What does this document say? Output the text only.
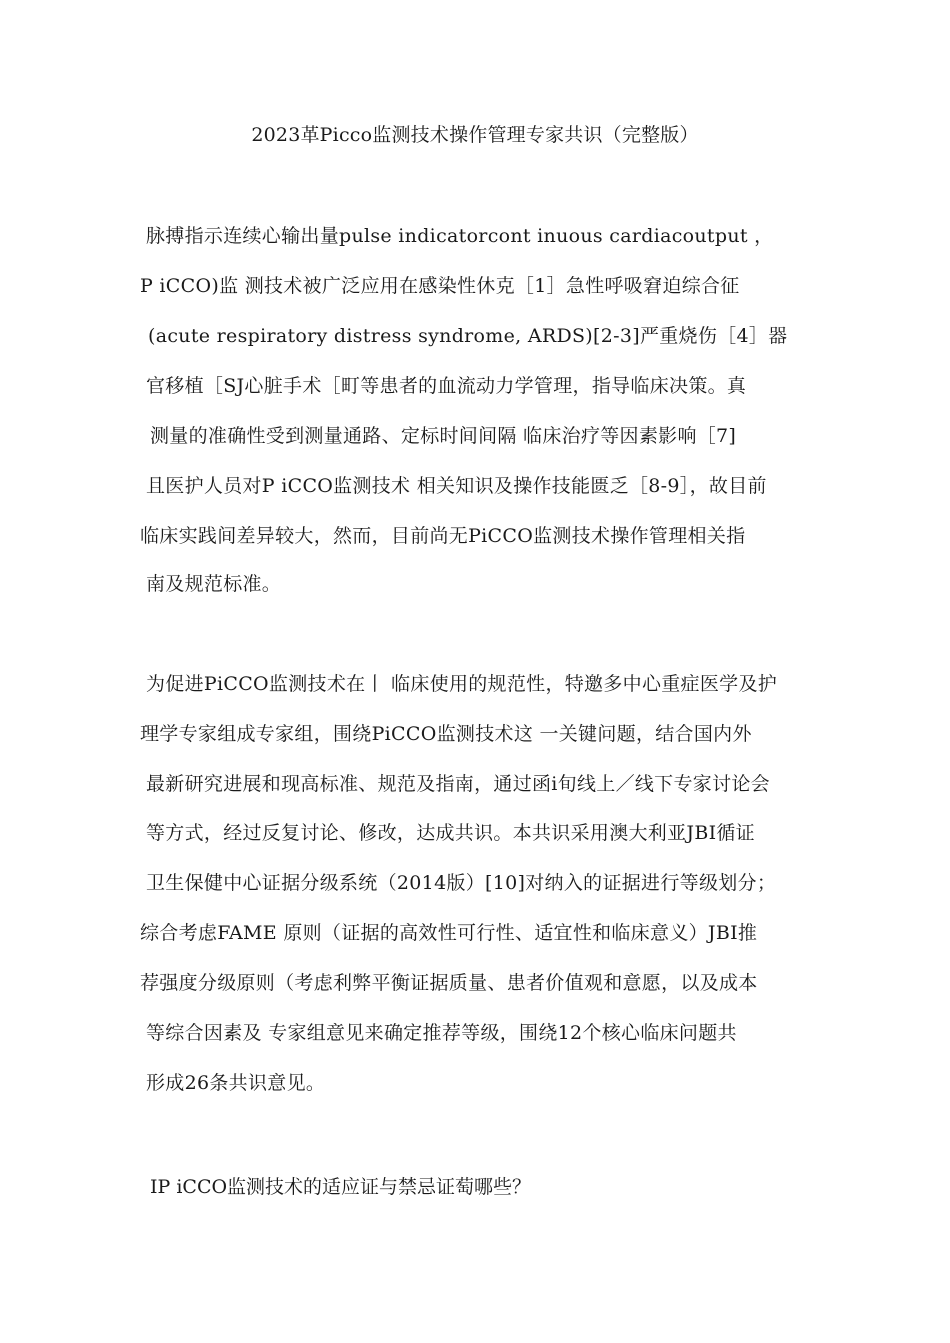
2023革Picco监测技术操作管理专家共识（完整版）
脉搏指示连续心输出量pulse indicatorcont inuous cardiacoutput ，
P iCCO)监 测技术被广泛应用在感染性休克［1］急性呼吸窘迫综合征
(acute respiratory distress syndrome, ARDS)[2-3]严重烧伤［4］器
官移植［SJ心脏手术［町等患者的血流动力学管理，指导临床决策。真
测量的准确性受到测量通路、定标时间间隔 临床治疗等因素影响［7]
且医护人员对P iCCO监测技术 相关知识及操作技能匮乏［8-9］，故目前
临床实践间差异较大，然而，目前尚无PiCCO监测技术操作管理相关指
南及规范标准。
为促进PiCCO监测技术在丨 临床使用的规范性，特邀多中心重症医学及护
理学专家组成专家组，围绕PiCCO监测技术这 一关键问题，结合国内外
最新研究进展和现高标准、规范及指南，通过函i旬线上／线下专家讨论会
等方式，经过反复讨论、修改，达成共识。本共识采用澳大利亚JBI循证
卫生保健中心证据分级系统（2014版）[10]对纳入的证据进行等级划分；
综合考虑FAME 原则（证据的高效性可行性、适宜性和临床意义）JBI推
荐强度分级原则（考虑利弊平衡证据质量、患者价值观和意愿，以及成本
等综合因素及 专家组意见来确定推荐等级，围绕12个核心临床问题共
形成26条共识意见。
IP iCCO监测技术的适应证与禁忌证萄哪些？
